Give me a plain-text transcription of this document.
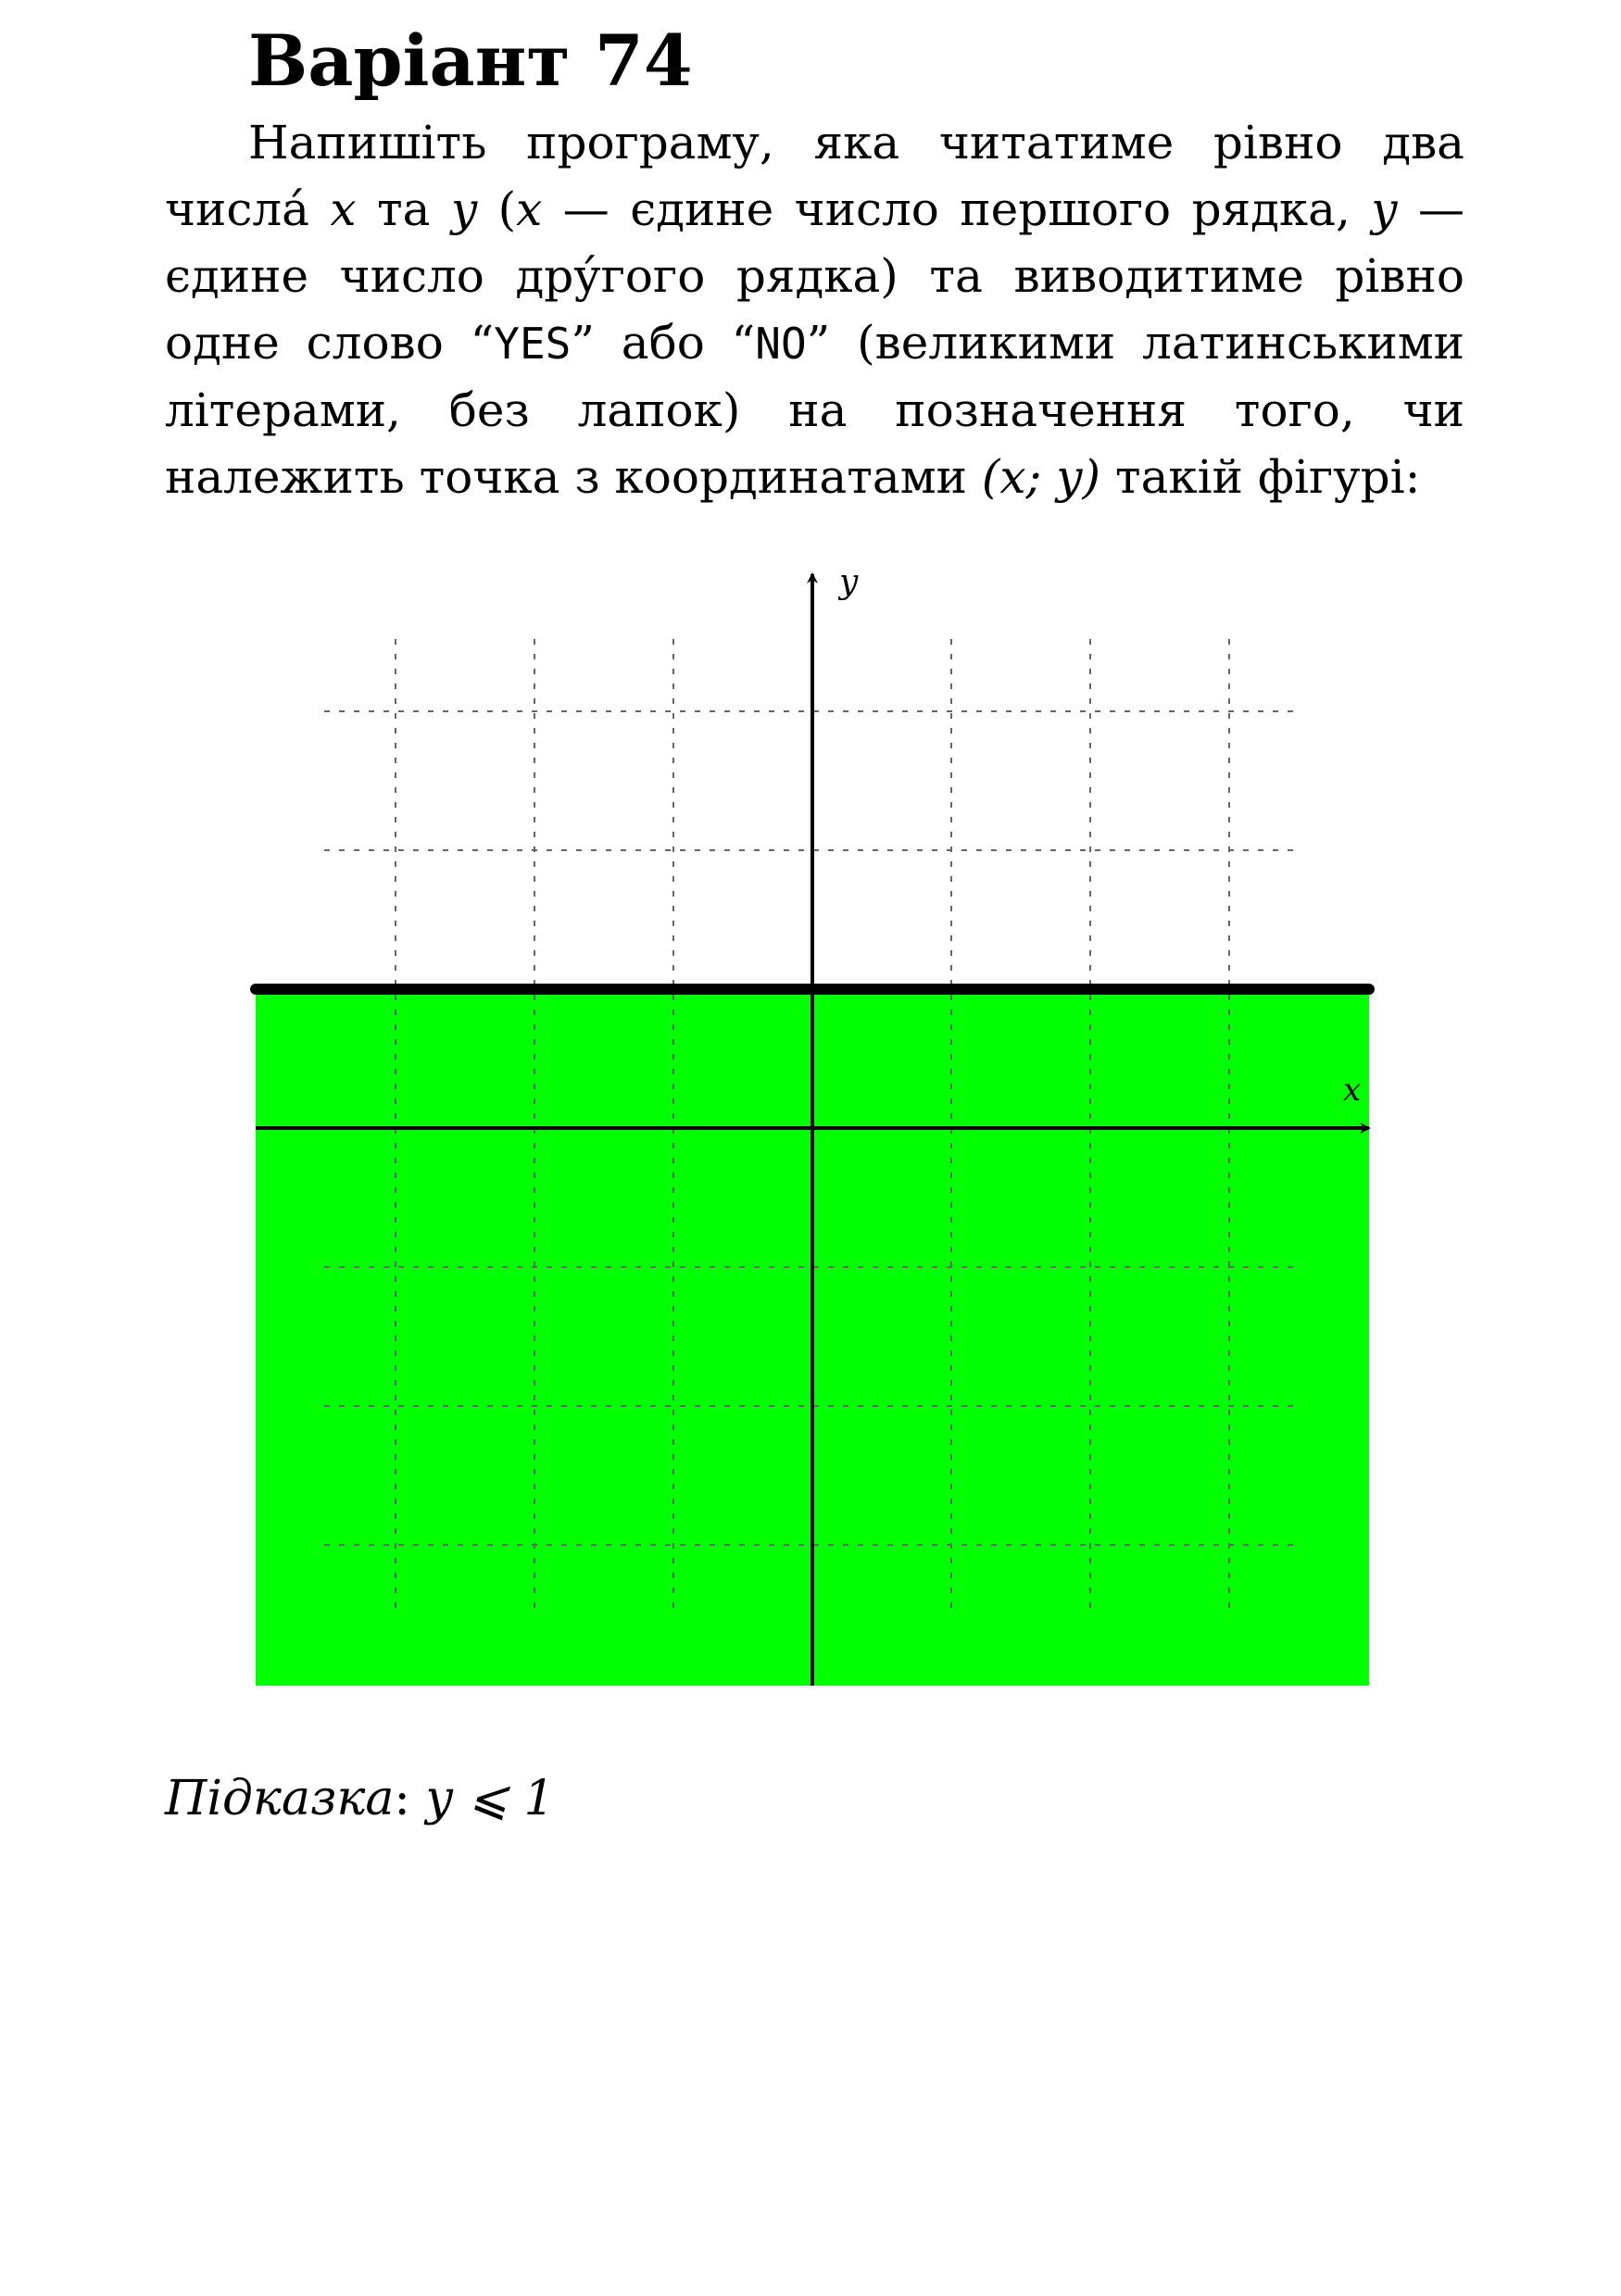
Варіант 74

Напишіть програму, яка читатиме рівно два числа́ x та y (x — єдине число першого рядка, y — єдине число дру́гого рядка) та виводитиме рівно одне слово “YES” або “NO” (великими латинськими літерами, без лапок) на позначення того, чи належить точка з координатами (x; y) такій фігурі:

y
x
Підказка: y ⩽ 1
